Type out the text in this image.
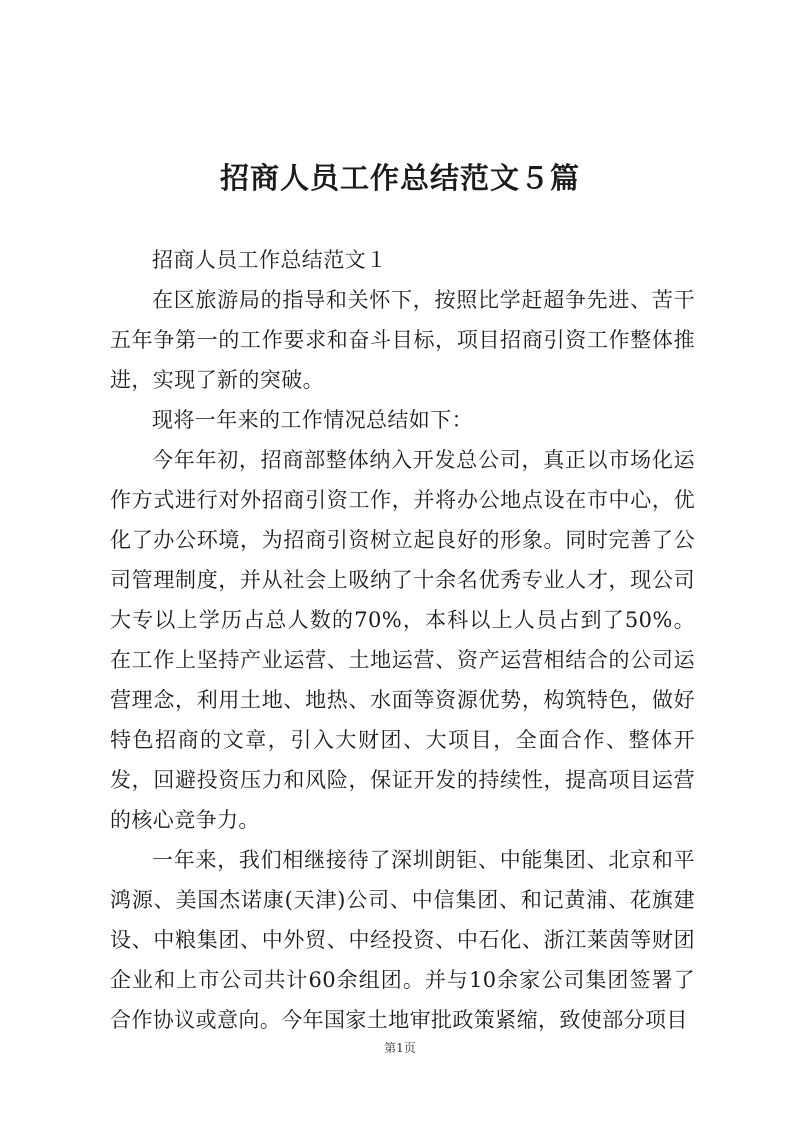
招商人员工作总结范文５篇

招商人员工作总结范文１

在区旅游局的指导和关怀下，按照比学赶超争先进、苦干五年争第一的工作要求和奋斗目标，项目招商引资工作整体推进，实现了新的突破。

现将一年来的工作情况总结如下：

今年年初，招商部整体纳入开发总公司，真正以市场化运作方式进行对外招商引资工作，并将办公地点设在市中心，优化了办公环境，为招商引资树立起良好的形象。同时完善了公司管理制度，并从社会上吸纳了十余名优秀专业人才，现公司大专以上学历占总人数的70%，本科以上人员占到了50%。在工作上坚持产业运营、土地运营、资产运营相结合的公司运营理念，利用土地、地热、水面等资源优势，构筑特色，做好特色招商的文章，引入大财团、大项目，全面合作、整体开发，回避投资压力和风险，保证开发的持续性，提高项目运营的核心竞争力。

一年来，我们相继接待了深圳朗钜、中能集团、北京和平鸿源、美国杰诺康(天津)公司、中信集团、和记黄浦、花旗建设、中粮集团、中外贸、中经投资、中石化、浙江莱茵等财团企业和上市公司共计60余组团。并与10余家公司集团签署了合作协议或意向。今年国家土地审批政策紧缩，致使部分项目

第1页
